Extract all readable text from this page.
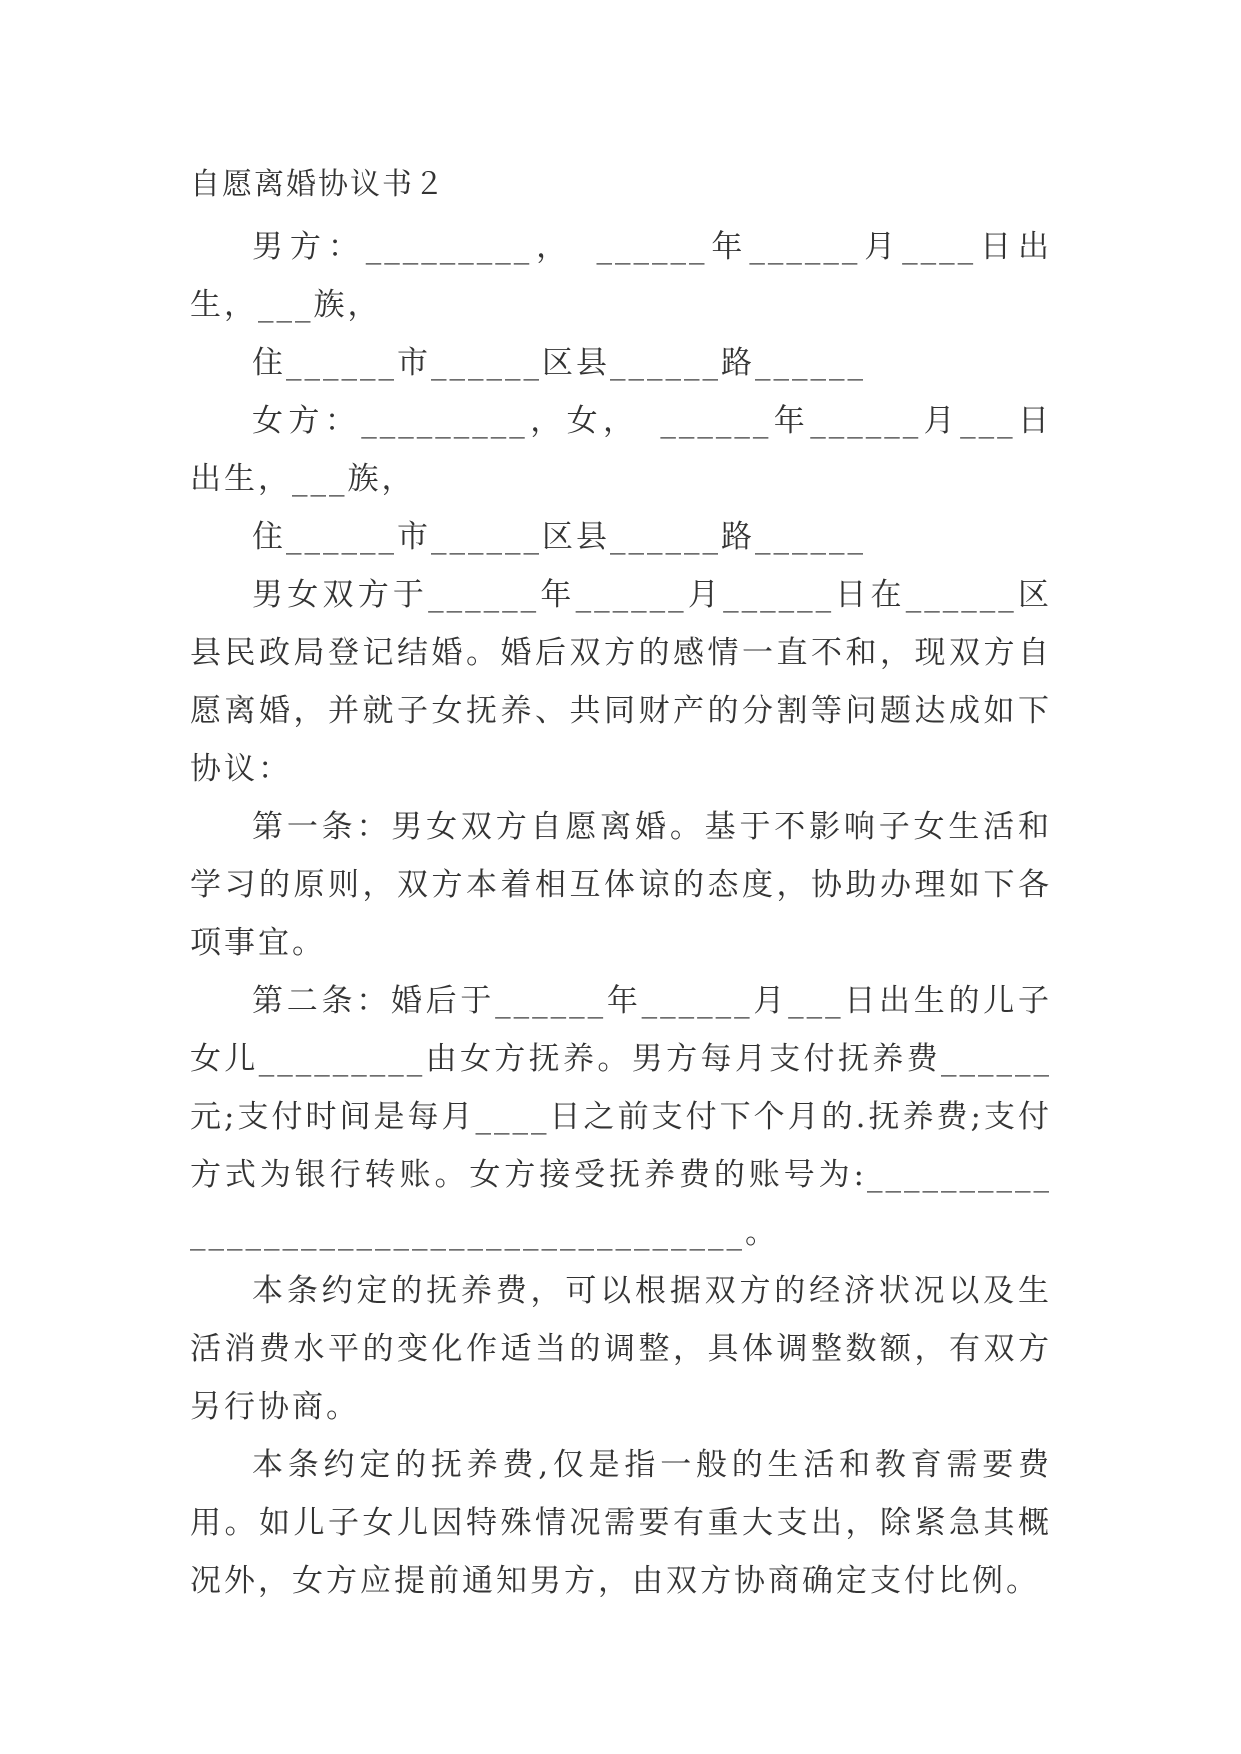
自愿离婚协议书２

男方：_________，　______年______月____日出生，___族，

住______市______区县______路______

女方：_________，女，　______年______月___日出生，___族，

住______市______区县______路______

男女双方于______年______月______日在______区县民政局登记结婚。婚后双方的感情一直不和，现双方自愿离婚，并就子女抚养、共同财产的分割等问题达成如下协议：

第一条：男女双方自愿离婚。基于不影响子女生活和学习的原则，双方本着相互体谅的态度，协助办理如下各项事宜。

第二条：婚后于______年______月___日出生的儿子女儿_________由女方抚养。男方每月支付抚养费______元;支付时间是每月____日之前支付下个月的.抚养费;支付方式为银行转账。女方接受抚养费的账号为:________________________________________。

本条约定的抚养费，可以根据双方的经济状况以及生活消费水平的变化作适当的调整，具体调整数额，有双方另行协商。

本条约定的抚养费,仅是指一般的生活和教育需要费用。如儿子女儿因特殊情况需要有重大支出，除紧急其概况外，女方应提前通知男方，由双方协商确定支付比例。
